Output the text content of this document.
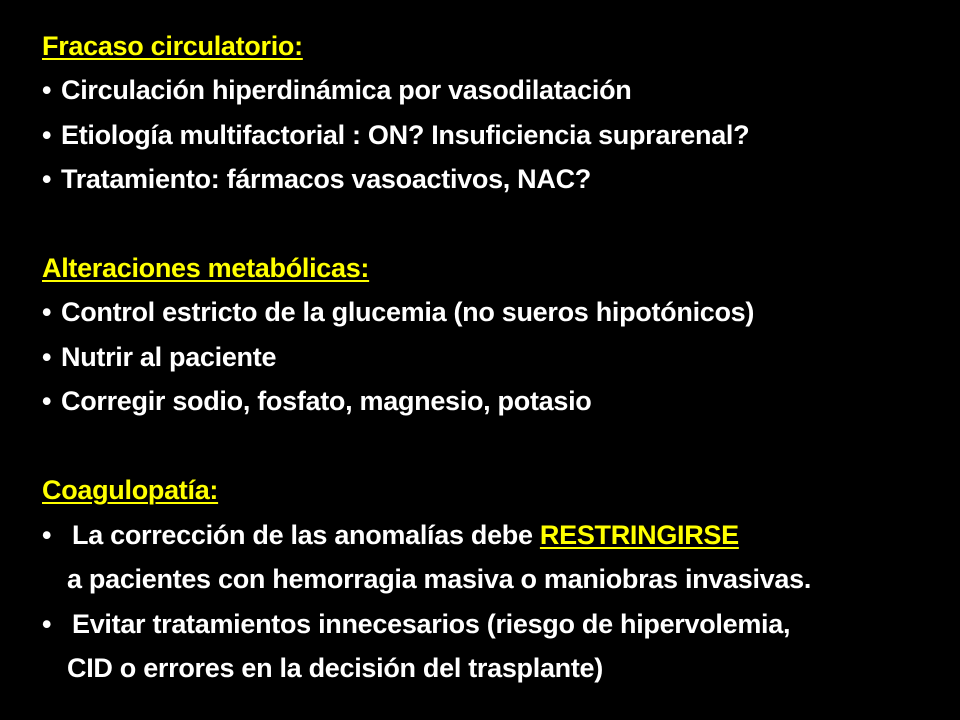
Fracaso circulatorio:
• Circulación hiperdinámica por vasodilatación
• Etiología multifactorial : ON? Insuficiencia suprarenal?
• Tratamiento: fármacos vasoactivos, NAC?
Alteraciones metabólicas:
• Control estricto de la glucemia (no sueros hipotónicos)
• Nutrir al paciente
• Corregir sodio, fosfato, magnesio, potasio
Coagulopatía:
• La corrección de las anomalías debe RESTRINGIRSE
a pacientes con hemorragia masiva o maniobras invasivas.
• Evitar tratamientos innecesarios (riesgo de hipervolemia,
CID o errores en la decisión del trasplante)
